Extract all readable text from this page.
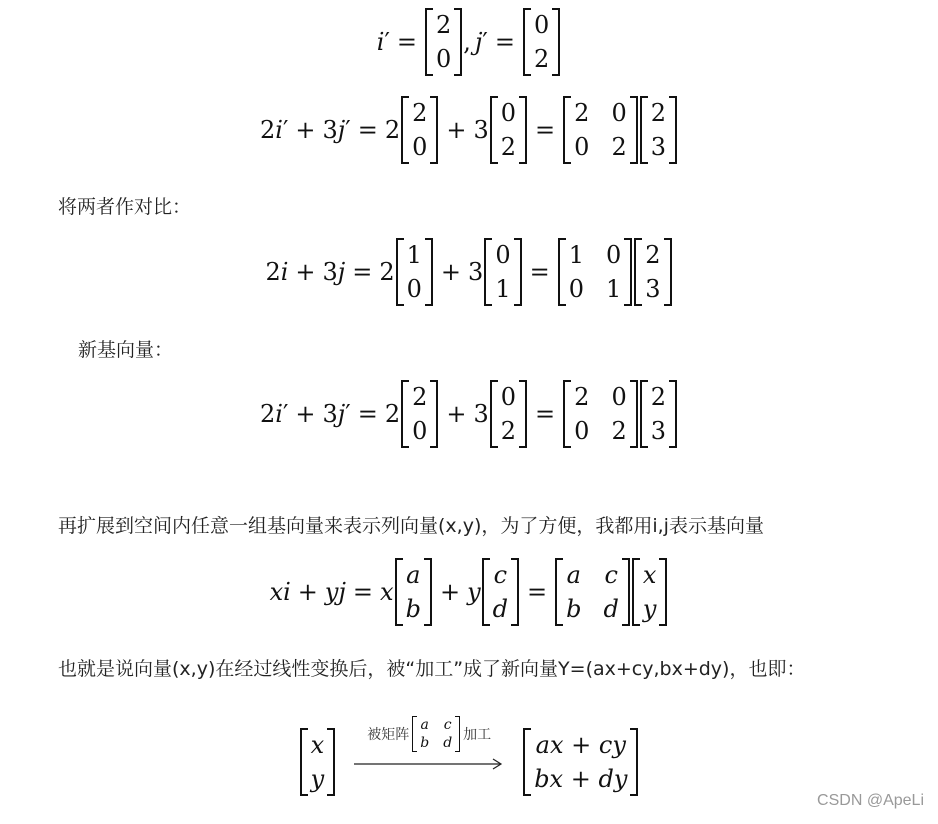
i ′ =
2
0
, j ′ =
0
2
2 i ′ + 3 j ′ = 2
2
0
+ 3
0
2
=
2
0
0
2
2
3
将两者作对比：
2 i + 3 j = 2
1
0
+ 3
0
1
=
1
0
0
1
2
3
新基向量：
2 i ′ + 3 j ′ = 2
2
0
+ 3
0
2
=
2
0
0
2
2
3
再扩展到空间内任意一组基向量来表示列向量(x,y)，为了方便，我都用i,j表示基向量
x i + y j = x
a
b
+ y
c
d
=
a
b
c
d
x
y
也就是说向量(x,y)在经过线性变换后，被“加工”成了新向量Y=(ax+cy,bx+dy)，也即：
x
y
被矩阵
a
b
c
d 加工 ax + cy
bx + dy
CSDN @ApeLi
